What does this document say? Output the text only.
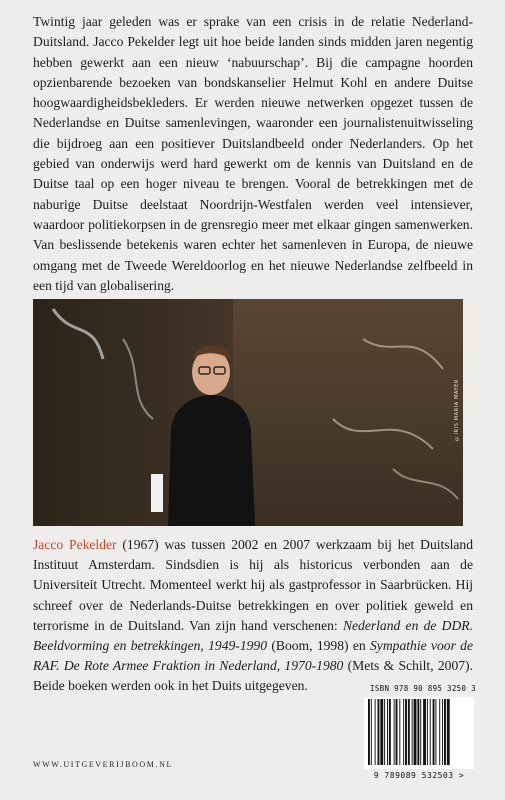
Twintig jaar geleden was er sprake van een crisis in de relatie Nederland-Duitsland. Jacco Pekelder legt uit hoe beide landen sinds midden jaren negentig hebben gewerkt aan een nieuw ‘nabuurschap’. Bij die campagne hoorden opzienbarende bezoeken van bondskanselier Helmut Kohl en andere Duitse hoogwaardigheidsbekleders. Er werden nieuwe netwerken opgezet tussen de Nederlandse en Duitse samenlevingen, waaronder een journalistenuitwisseling die bijdroeg aan een positiever Duitslandbeeld onder Nederlanders. Op het gebied van onderwijs werd hard gewerkt om de kennis van Duitsland en de Duitse taal op een hoger niveau te brengen. Vooral de betrekkingen met de naburige Duitse deelstaat Noordrijn-Westfalen werden veel intensiever, waardoor politiekorpsen in de grensregio meer met elkaar gingen samenwerken. Van beslissende betekenis waren echter het samenleven in Europa, de nieuwe omgang met de Tweede Wereldoorlog en het nieuwe Nederlandse zelfbeeld in een tijd van globalisering.

©IRIS MARIA MAYER

Jacco Pekelder (1967) was tussen 2002 en 2007 werkzaam bij het Duitsland Instituut Amsterdam. Sindsdien is hij als historicus verbonden aan de Universiteit Utrecht. Momenteel werkt hij als gastprofessor in Saarbrücken. Hij schreef over de Nederlands-Duitse betrekkingen en over politiek geweld en terrorisme in de Duitsland. Van zijn hand verschenen: Nederland en de DDR. Beeldvorming en betrekkingen, 1949-1990 (Boom, 1998) en Sympathie voor de RAF. De Rote Armee Fraktion in Nederland, 1970-1980 (Mets & Schilt, 2007). Beide boeken werden ook in het Duits uitgegeven.	ISBN 978 90 895 3250 3
9 789089 532503 >
WWW.UITGEVERIJBOOM.NL
